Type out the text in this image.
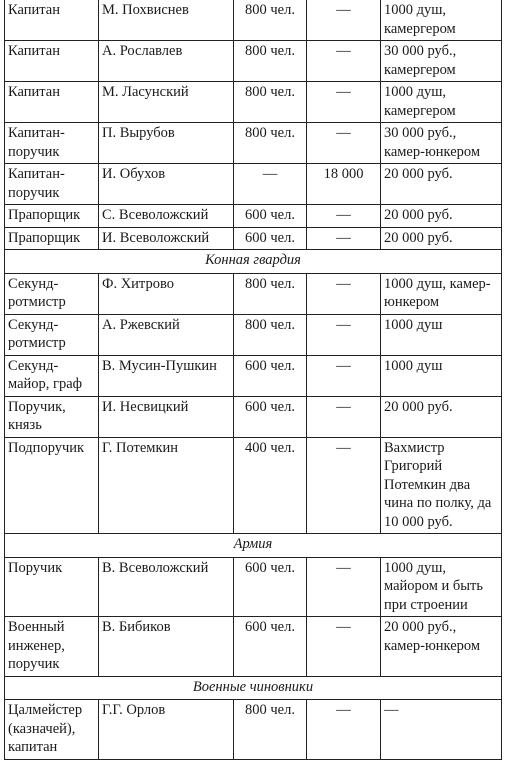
Капитан	М. Похвиснев	800 чел.	—	1000 душ, камергером
Капитан	А. Рославлев	800 чел.	—	30 000 руб., камергером
Капитан	М. Ласунский	800 чел.	—	1000 душ, камергером
Капитан-поручик	П. Вырубов	800 чел.	—	30 000 руб., камер-юнкером
Капитан-поручик	И. Обухов	—	18 000	20 000 руб.
Прапорщик	С. Всеволожский	600 чел.	—	20 000 руб.
Прапорщик	И. Всеволожский	600 чел.	—	20 000 руб.
Конная гвардия				
Секунд-ротмистр	Ф. Хитрово	800 чел.	—	1000 душ, камер-юнкером
Секунд-ротмистр	А. Ржевский	800 чел.	—	1000 душ
Секунд-майор, граф	В. Мусин-Пушкин	600 чел.	—	1000 душ
Поручик, князь	И. Несвицкий	600 чел.	—	20 000 руб.
Подпоручик	Г. Потемкин	400 чел.	—	Вахмистр Григорий Потемкин два чина по полку, да 10 000 руб.
Армия				
Поручик	В. Всеволожский	600 чел.	—	1000 душ, майором и быть при строении
Военный инженер, поручик	В. Бибиков	600 чел.	—	20 000 руб., камер-юнкером
Военные чиновники				
Цалмейстер (казначей), капитан	Г.Г. Орлов	800 чел.	—	—
